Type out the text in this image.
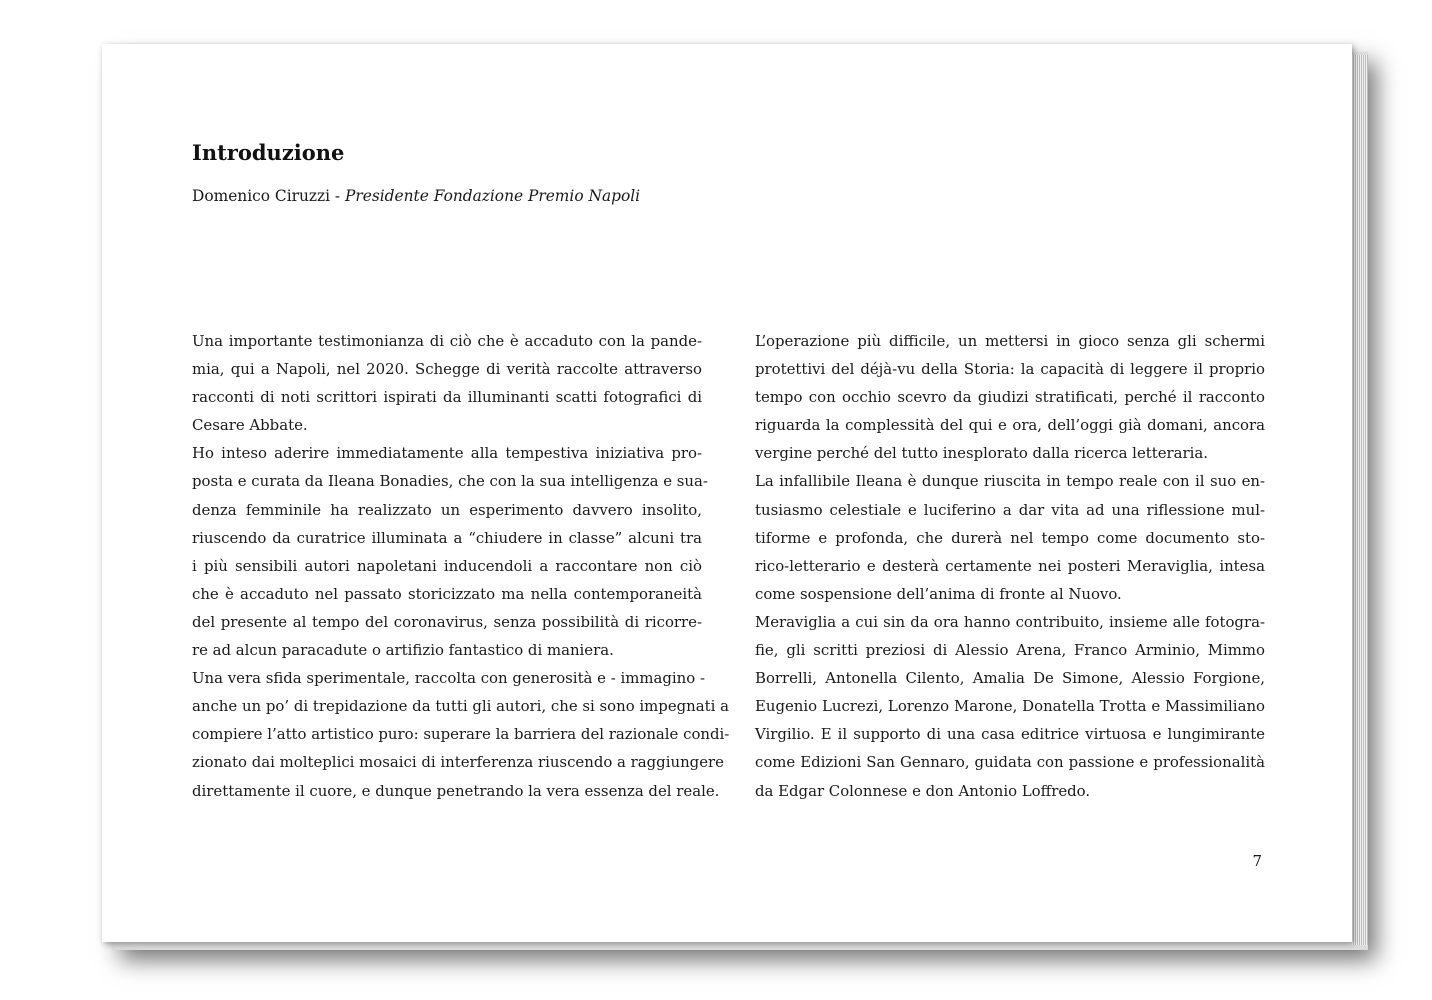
Introduzione

Domenico Ciruzzi - Presidente Fondazione Premio Napoli

Una importante testimonianza di ciò che è accaduto con la pande-
mia, qui a Napoli, nel 2020. Schegge di verità raccolte attraverso
racconti di noti scrittori ispirati da illuminanti scatti fotografici di
Cesare Abbate.
Ho inteso aderire immediatamente alla tempestiva iniziativa pro-
posta e curata da Ileana Bonadies, che con la sua intelligenza e sua-
denza femminile ha realizzato un esperimento davvero insolito,
riuscendo da curatrice illuminata a “chiudere in classe” alcuni tra
i più sensibili autori napoletani inducendoli a raccontare non ciò
che è accaduto nel passato storicizzato ma nella contemporaneità
del presente al tempo del coronavirus, senza possibilità di ricorre-
re ad alcun paracadute o artifizio fantastico di maniera.
Una vera sfida sperimentale, raccolta con generosità e - immagino -
anche un po’ di trepidazione da tutti gli autori, che si sono impegnati a
compiere l’atto artistico puro: superare la barriera del razionale condi-
zionato dai molteplici mosaici di interferenza riuscendo a raggiungere
direttamente il cuore, e dunque penetrando la vera essenza del reale.
L’operazione più difficile, un mettersi in gioco senza gli schermi
protettivi del déjà-vu della Storia: la capacità di leggere il proprio
tempo con occhio scevro da giudizi stratificati, perché il racconto
riguarda la complessità del qui e ora, dell’oggi già domani, ancora
vergine perché del tutto inesplorato dalla ricerca letteraria.
La infallibile Ileana è dunque riuscita in tempo reale con il suo en-
tusiasmo celestiale e luciferino a dar vita ad una riflessione mul-
tiforme e profonda, che durerà nel tempo come documento sto-
rico-letterario e desterà certamente nei posteri Meraviglia, intesa
come sospensione dell’anima di fronte al Nuovo.
Meraviglia a cui sin da ora hanno contribuito, insieme alle fotogra-
fie, gli scritti preziosi di Alessio Arena, Franco Arminio, Mimmo
Borrelli, Antonella Cilento, Amalia De Simone, Alessio Forgione,
Eugenio Lucrezi, Lorenzo Marone, Donatella Trotta e Massimiliano
Virgilio. E il supporto di una casa editrice virtuosa e lungimirante
come Edizioni San Gennaro, guidata con passione e professionalità
da Edgar Colonnese e don Antonio Loffredo.
7
